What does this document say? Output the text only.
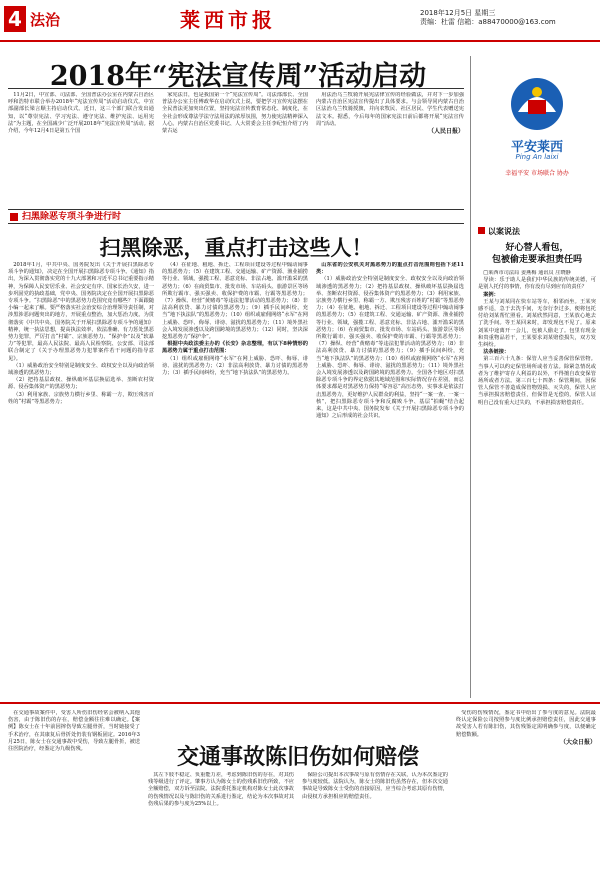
4 法治	莱西市报	2018年12月5日 星期三
责编：杜雷 信箱：a88470000@163.com
2018年“宪法宣传周”活动启动

11月2日，中宣部、司法部、全国普法办公室在内蒙古自治区呼和浩特市联合举办2018年“宪法宣传周”活动启动仪式。中宣部副部长梁言顺主持启动仪式。近日，这三个部门联合发出通知，以“尊崇宪法、学习宪法、遵守宪法、维护宪法、运用宪法”为主题，在全国减少广泛开展2018年“宪法宣传周”活动。据介绍，今年12月4日是第五个国

家宪法日，也是我国第一个“宪法宣传周”。司法部部长、全国普法办公室主任傅政华在启动仪式上说，要把学习宣传宪法摆在全民普法更加突出位置，坚持宪法宣传教育常态化、制度化，在全社会形成尊法学法守法用法的浓厚氛围，努力使宪法精神深入人心。内蒙古自治区党委书记、人大常委会主任李纪恒介绍了内蒙古运

用法治乌兰牧骑开展宪法律宣传的经验做法，并对下一步加强内蒙古自治区宪法宣传提出了具体要求。与会领导同内蒙古自治区法治乌兰牧骑授旗，并向农牧民、社区居民、学生代表赠送宪法文本。据悉，今后每年的国家宪法日前后都将开展“宪法宣传周”活动。

（人民日报）
扫黑除恶专项斗争进行时
扫黑除恶，重点打击这些人！

2018年1月，中共中央、国务院发出《关于开展扫黑除恶专项斗争的通知》，决定在全国开展扫黑除恶专项斗争。《通知》指出，为深入贯彻落实党的十九大部署和习近平总书记重要指示精神，为保障人民安居乐业、社会安定有序、国家长治久安，进一步巩固党的执政基础，党中央、国务院决定在全国开展扫黑除恶专项斗争。“扫黑除恶”中的黑恶势力范围究竟有哪些？下面跟随小编一起来了解。要严格落实社会治安综合治理领导责任制，对涉黑涉恶问题突出的地方，开展重点整治，加大惩治力度。为贯彻落实《中共中央、国务院关于开展扫黑除恶专项斗争的通知》精神，统一执法思想，提高执法效率，依法准确、有力惩处黑恶势力犯罪，严厉打击“村霸”、宗族恶势力、“保护伞”以及“软暴力”等犯罪，最高人民法院、最高人民检察院、公安部、司法部联合制定了《关于办理黑恶势力犯罪案件若干问题的指导意见》。

（1）威胁政治安全特别是制度安全、政权安全以及向政治领域渗透的黑恶势力；

（2）把持基层政权、操纵破坏基层换届选举、垄断农村资源、侵吞集体资产的黑恶势力；

（3）利用家族、宗族势力横行乡里、称霸一方，欺压残害百姓的“村霸”等黑恶势力；

（4）在征地、租地、拆迁、工程项目建设等过程中煽动闹事的黑恶势力；（5）在建筑工程、交通运输、矿产资源、渔业捕捞等行业、领域，强揽工程、恶意竞标、非法占地、滥开滥采的黑恶势力；（6）在商贸集市、批发市场、车站码头、旅游景区等场所欺行霸市、强买强卖、收保护费的市霸、行霸等黑恶势力；（7）操纵、经营“黄赌毒”等违法犯罪活动的黑恶势力；（8）非法高利放贷、暴力讨债的黑恶势力；（9）插手民间纠纷，充当“地下执法队”的黑恶势力；（10）组织或雇佣网络“水军”在网上威胁、恐吓、侮辱、诽谤、滋扰的黑恶势力；（11）境外黑社会入境发展渗透以及跨国跨境的黑恶势力；（12）同时，坚决深挖黑恶势力“保护伞”。

根据中央政法委主办的《长安》杂志整理，有以下8种情形的黑恶势力属于重点打击范围：

（1）组织或雇佣网络“水军”在网上威胁、恐吓、侮辱、诽谤、滋扰的黑恶势力；（2）非法高利放贷、暴力讨债的黑恶势力；（3）插手民间纠纷，充当“地下执法队”的黑恶势力。

山东省的公安机关对黑恶势力的重点打击范围则包括下述11类：

（1）威胁政治安全特别是制度安全、政权安全以及向政治领域渗透的黑恶势力；（2）把持基层政权、操纵破坏基层换届选举、垄断农村资源、侵吞集体资产的黑恶势力；（3）利用家族、宗族势力横行乡里、称霸一方、欺压残害百姓的“村霸”等黑恶势力；（4）在征地、租地、拆迁、工程项目建设等过程中煽动闹事的黑恶势力；（5）在建筑工程、交通运输、矿产资源、渔业捕捞等行业、领域，强揽工程、恶意竞标、非法占地、滥开滥采的黑恶势力；（6）在商贸集市、批发市场、车站码头、旅游景区等场所欺行霸市、强买强卖、收保护费的市霸、行霸等黑恶势力；（7）操纵、经营“黄赌毒”等违法犯罪活动的黑恶势力；（8）非法高利放贷、暴力讨债的黑恶势力；（9）插手民间纠纷，充当“地下执法队”的黑恶势力；（10）组织或雇佣网络“水军”在网上威胁、恐吓、侮辱、诽谤、滋扰的黑恶势力；（11）境外黑社会入境发展渗透以及跨国跨境的黑恶势力。全国各个地区对扫黑除恶专项斗争的界定依据其地域范围和实际情况存在差别，而总体要求都是对黑恶势力保持“零容忍”高压态势，实事求是依法打击黑恶势力，更好维护人民群众的利益，坚持“一案一查、一案一核”，把扫黑除恶专项斗争和反腐败斗争、基层“拍蝇”结合起来，这是中共中央、国务院发布《关于开展扫黑除恶专项斗争的通知》之后形成的社会共识。

平安莱西
Ping An laixi
幸福平安 市场联合 协办
以案说法
好心替人看包，
包被偷走要承担责任吗

□莱西市司法局 姜燕梅 通讯员 庄晓静

导读：乐于助人是我们中华民族的传统美德，可是别人托付的事情，你有没有尽到应有的责任？

案例：

王某与刘某同在快车站等车，相邻而坐。王某突感不适，急于去洗手间，无奈行李过多，便将包托付给刘某帮忙照看。刘某欣然同意，王某放心地去了洗手间。等王某回来时，却发现包不见了。原来刘某中途离开一会儿，包被人偷走了。包里有现金和贵重物品若干，王某要求刘某赔偿损失，双方发生纠纷。

法条链接：

第三百六十九条：保管人应当妥善保管保管物。当事人可以约定保管场所或者方法。除紧急情况或者为了维护寄存人利益的以外，不得擅自改变保管场所或者方法。第三百七十四条：保管期间，因保管人保管不善造成保管物毁损、灭失的，保管人应当承担损害赔偿责任，但保管是无偿的，保管人证明自己没有重大过失的，不承担损害赔偿责任。

交通事故陈旧伤如何赔偿

在交通事故案件中，受害人所伤旧伤经常会被纳入其他伤害，由于陈旧伤的存在，赔偿金额往往难以确定。【案例】陈女士在十年前因摔伤导致左腿骨折，当时她接受了手术治疗，在其康复后骨折处仍装有钢板固定。2016年3月25日，陈女士在交通事故中受伤，导致左腿骨折，被送往医院治疗，经鉴定为九级伤残。

其左下肢不稳定、负重能力差，考虑到陈旧伤的存在，对其伤残等级进行了评定。肇事方认为陈女士的伤残系旧伤所致，不应全额赔偿，双方诉至法院。法院委托鉴定机构对陈女士此次事故的伤残情况以及与陈旧伤的关系进行鉴定，结论为本次事故对其伤残后果的参与度为25%以上。

保险公司提出本次事故与原有伤情存在关联，认为本次鉴定的参与度较低。法院认为，陈女士的陈旧伤虽然存在，但本次交通事故是导致陈女士受伤的直接原因，应当综合考虑其原有伤情，由侵权方承担相应的赔偿责任。

受伤的伤残情况，鉴定书中给出了参与度的意见。法院最终认定保险公司按照参与度比例承担赔偿责任，因此交通事故受害人若有陈旧伤，其伤残鉴定需明确参与度，以便确定赔偿数额。

（大众日报）
